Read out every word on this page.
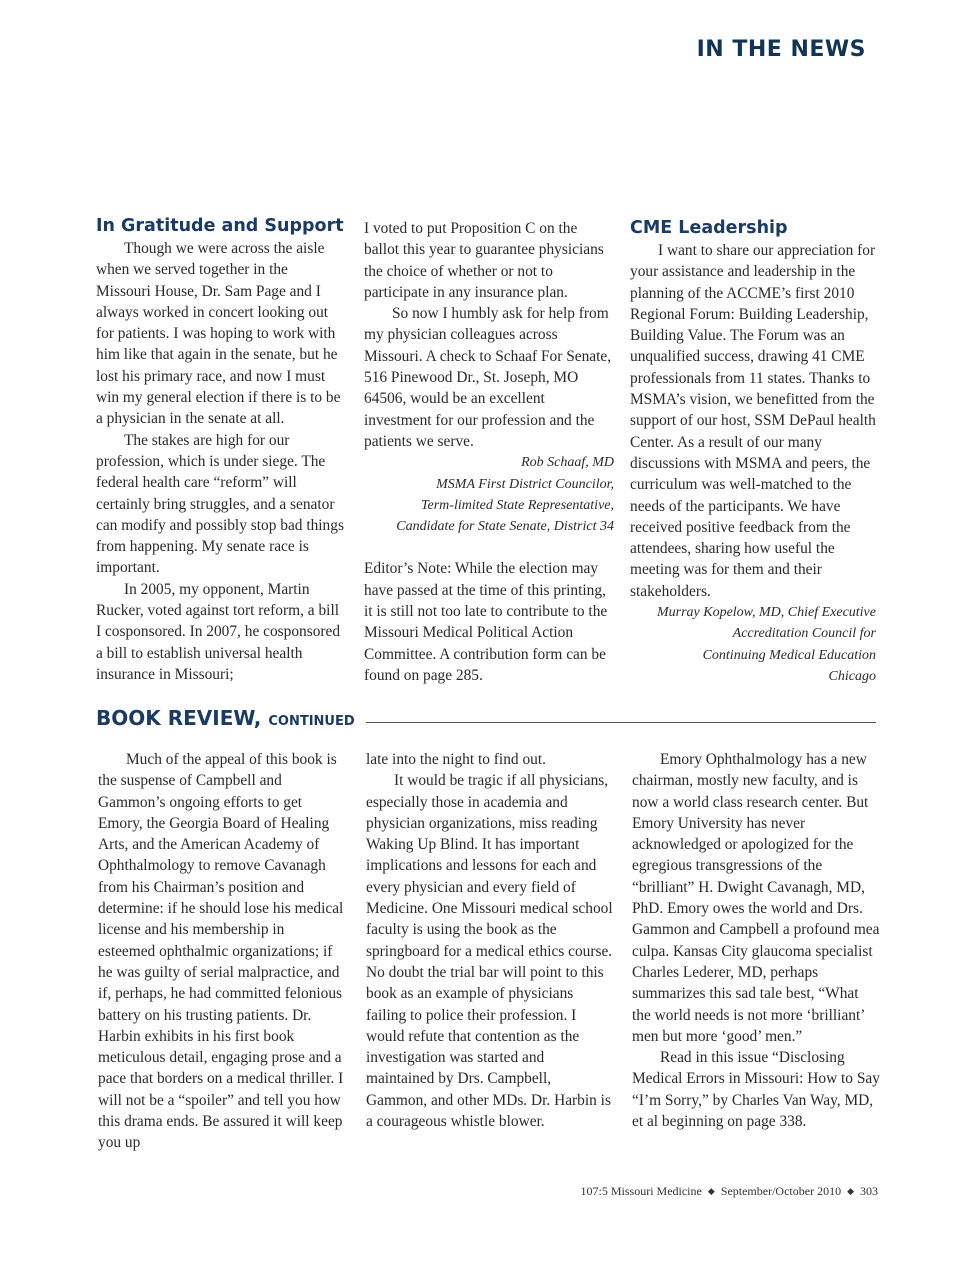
IN THE NEWS
In Gratitude and Support

Though we were across the aisle when we served together in the Missouri House, Dr. Sam Page and I always worked in concert looking out for patients. I was hoping to work with him like that again in the senate, but he lost his primary race, and now I must win my general election if there is to be a physician in the senate at all.

The stakes are high for our profession, which is under siege. The federal health care “reform” will certainly bring struggles, and a senator can modify and possibly stop bad things from happening. My senate race is important.

In 2005, my opponent, Martin Rucker, voted against tort reform, a bill I cosponsored. In 2007, he cosponsored a bill to establish universal health insurance in Missouri;

I voted to put Proposition C on the ballot this year to guarantee physicians the choice of whether or not to participate in any insurance plan.

So now I humbly ask for help from my physician colleagues across Missouri. A check to Schaaf For Senate, 516 Pinewood Dr., St. Joseph, MO 64506, would be an excellent investment for our profession and the patients we serve.

Rob Schaaf, MD
MSMA First District Councilor,
Term-limited State Representative,
Candidate for State Senate, District 34

Editor’s Note: While the election may have passed at the time of this printing, it is still not too late to contribute to the Missouri Medical Political Action Committee. A contribution form can be found on page 285.

CME Leadership

I want to share our appreciation for your assistance and leadership in the planning of the ACCME’s first 2010 Regional Forum: Building Leadership, Building Value. The Forum was an unqualified success, drawing 41 CME professionals from 11 states. Thanks to MSMA’s vision, we benefitted from the support of our host, SSM DePaul health Center. As a result of our many discussions with MSMA and peers, the curriculum was well-matched to the needs of the participants. We have received positive feedback from the attendees, sharing how useful the meeting was for them and their stakeholders.

Murray Kopelow, MD, Chief Executive
Accreditation Council for
Continuing Medical Education
Chicago
BOOK REVIEW, CONTINUED

Much of the appeal of this book is the suspense of Campbell and Gammon’s ongoing efforts to get Emory, the Georgia Board of Healing Arts, and the American Academy of Ophthalmology to remove Cavanagh from his Chairman’s position and determine: if he should lose his medical license and his membership in esteemed ophthalmic organizations; if he was guilty of serial malpractice, and if, perhaps, he had committed felonious battery on his trusting patients. Dr. Harbin exhibits in his first book meticulous detail, engaging prose and a pace that borders on a medical thriller. I will not be a “spoiler” and tell you how this drama ends. Be assured it will keep you up

late into the night to find out.

It would be tragic if all physicians, especially those in academia and physician organizations, miss reading Waking Up Blind. It has important implications and lessons for each and every physician and every field of Medicine. One Missouri medical school faculty is using the book as the springboard for a medical ethics course. No doubt the trial bar will point to this book as an example of physicians failing to police their profession. I would refute that contention as the investigation was started and maintained by Drs. Campbell, Gammon, and other MDs. Dr. Harbin is a courageous whistle blower.

Emory Ophthalmology has a new chairman, mostly new faculty, and is now a world class research center. But Emory University has never acknowledged or apologized for the egregious transgressions of the “brilliant” H. Dwight Cavanagh, MD, PhD. Emory owes the world and Drs. Gammon and Campbell a profound mea culpa. Kansas City glaucoma specialist Charles Lederer, MD, perhaps summarizes this sad tale best, “What the world needs is not more ‘brilliant’ men but more ‘good’ men.”

Read in this issue “Disclosing Medical Errors in Missouri: How to Say “I’m Sorry,” by Charles Van Way, MD, et al beginning on page 338.

107:5 Missouri Medicine ◆ September/October 2010 ◆ 303
